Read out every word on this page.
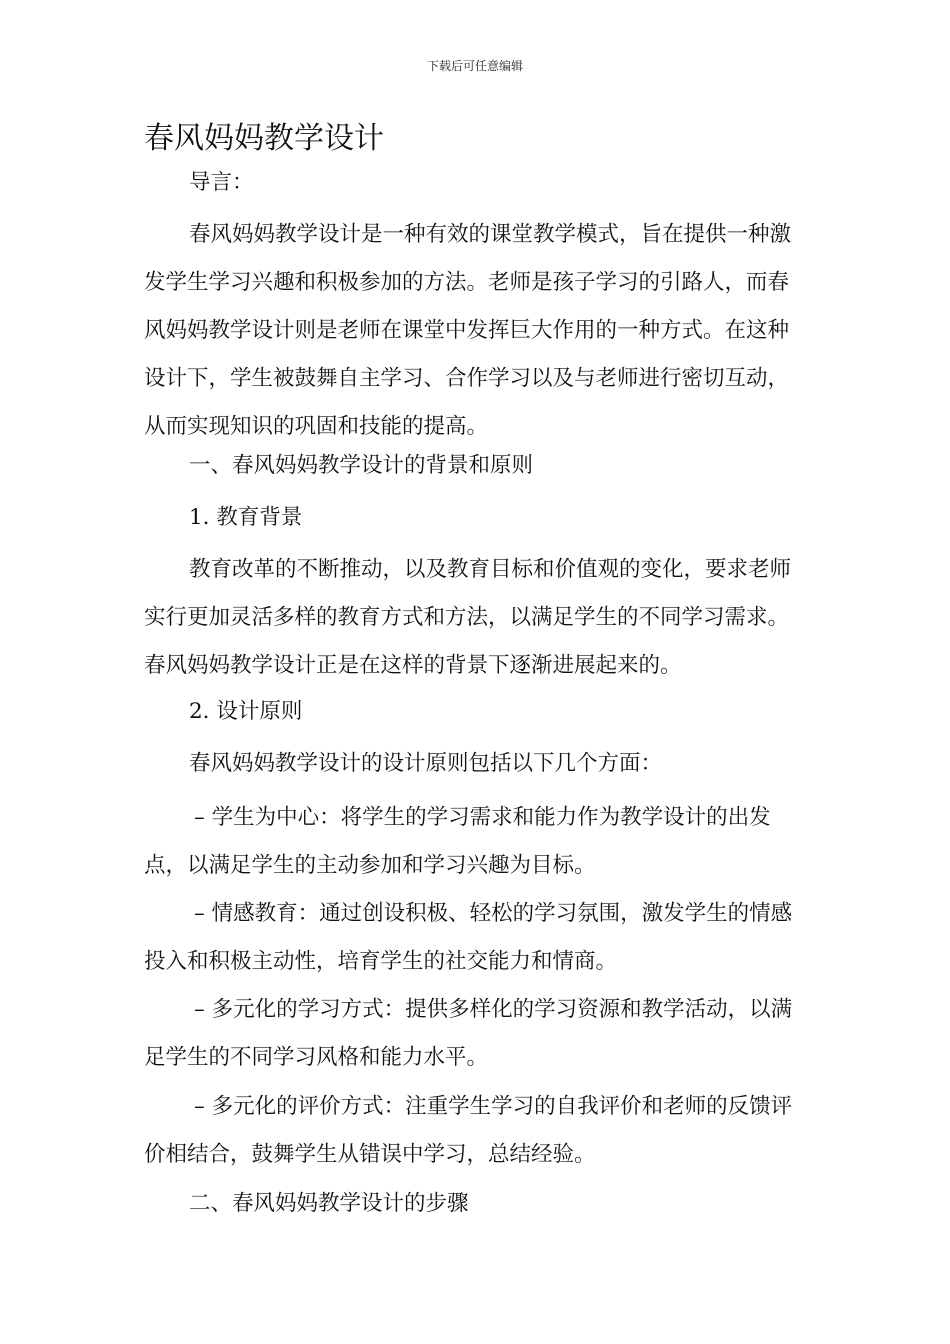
下载后可任意编辑
春风妈妈教学设计

导言：

春风妈妈教学设计是一种有效的课堂教学模式，旨在提供一种激发学生学习兴趣和积极参加的方法。老师是孩子学习的引路人，而春风妈妈教学设计则是老师在课堂中发挥巨大作用的一种方式。在这种设计下，学生被鼓舞自主学习、合作学习以及与老师进行密切互动，从而实现知识的巩固和技能的提高。

一、春风妈妈教学设计的背景和原则

1. 教育背景

教育改革的不断推动，以及教育目标和价值观的变化，要求老师实行更加灵活多样的教育方式和方法，以满足学生的不同学习需求。春风妈妈教学设计正是在这样的背景下逐渐进展起来的。

2. 设计原则

春风妈妈教学设计的设计原则包括以下几个方面：

– 学生为中心：将学生的学习需求和能力作为教学设计的出发点，以满足学生的主动参加和学习兴趣为目标。

– 情感教育：通过创设积极、轻松的学习氛围，激发学生的情感投入和积极主动性，培育学生的社交能力和情商。

– 多元化的学习方式：提供多样化的学习资源和教学活动，以满足学生的不同学习风格和能力水平。

– 多元化的评价方式：注重学生学习的自我评价和老师的反馈评价相结合，鼓舞学生从错误中学习，总结经验。

二、春风妈妈教学设计的步骤
